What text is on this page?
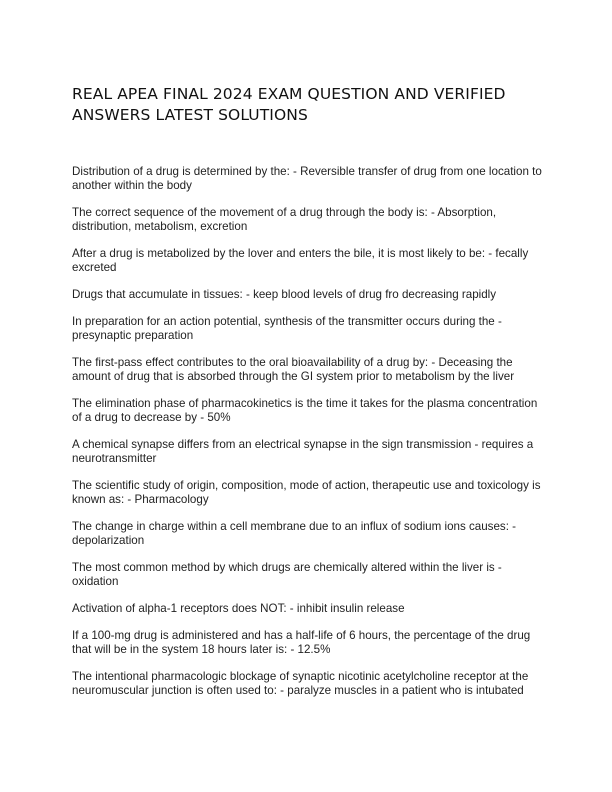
REAL APEA FINAL 2024 EXAM QUESTION AND VERIFIED ANSWERS LATEST SOLUTIONS
Distribution of a drug is determined by the: - Reversible transfer of drug from one location to another within the body
The correct sequence of the movement of a drug through the body is: - Absorption, distribution, metabolism, excretion
After a drug is metabolized by the lover and enters the bile, it is most likely to be: - fecally excreted
Drugs that accumulate in tissues: - keep blood levels of drug fro decreasing rapidly
In preparation for an action potential, synthesis of the transmitter occurs during the - presynaptic preparation
The first-pass effect contributes to the oral bioavailability of a drug by: - Deceasing the amount of drug that is absorbed through the GI system prior to metabolism by the liver
The elimination phase of pharmacokinetics is the time it takes for the plasma concentration of a drug to decrease by - 50%
A chemical synapse differs from an electrical synapse in the sign transmission - requires a neurotransmitter
The scientific study of origin, composition, mode of action, therapeutic use and toxicology is known as: - Pharmacology
The change in charge within a cell membrane due to an influx of sodium ions causes: - depolarization
The most common method by which drugs are chemically altered within the liver is - oxidation
Activation of alpha-1 receptors does NOT: - inhibit insulin release
If a 100-mg drug is administered and has a half-life of 6 hours, the percentage of the drug that will be in the system 18 hours later is: - 12.5%
The intentional pharmacologic blockage of synaptic nicotinic acetylcholine receptor at the neuromuscular junction is often used to: - paralyze muscles in a patient who is intubated
